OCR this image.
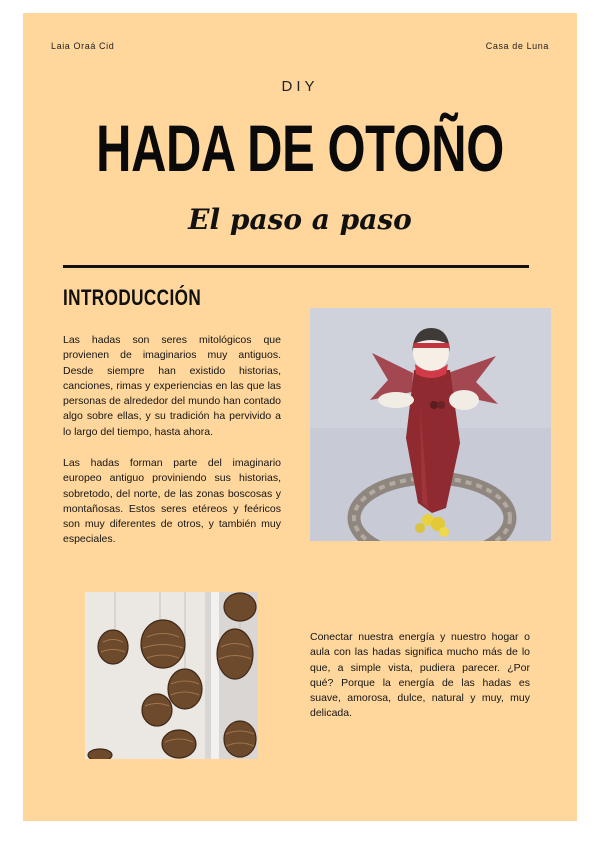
Laia Oraá Cid	Casa de Luna
DIY
HADA DE OTOÑO
El paso a paso
INTRODUCCIÓN
Las hadas son seres mitológicos que provienen de imaginarios muy antiguos. Desde siempre han existido historias, canciones, rimas y experiencias en las que las personas de alrededor del mundo han contado algo sobre ellas, y su tradición ha pervivido a lo largo del tiempo, hasta ahora.
Las hadas forman parte del imaginario europeo antiguo proviniendo sus historias, sobretodo, del norte, de las zonas boscosas y montañosas. Estos seres etéreos y feéricos son muy diferentes de otros, y también muy especiales.
Conectar nuestra energía y nuestro hogar o aula con las hadas significa mucho más de lo que, a simple vista, pudiera parecer. ¿Por qué? Porque la energía de las hadas es suave, amorosa, dulce, natural y muy, muy delicada.
